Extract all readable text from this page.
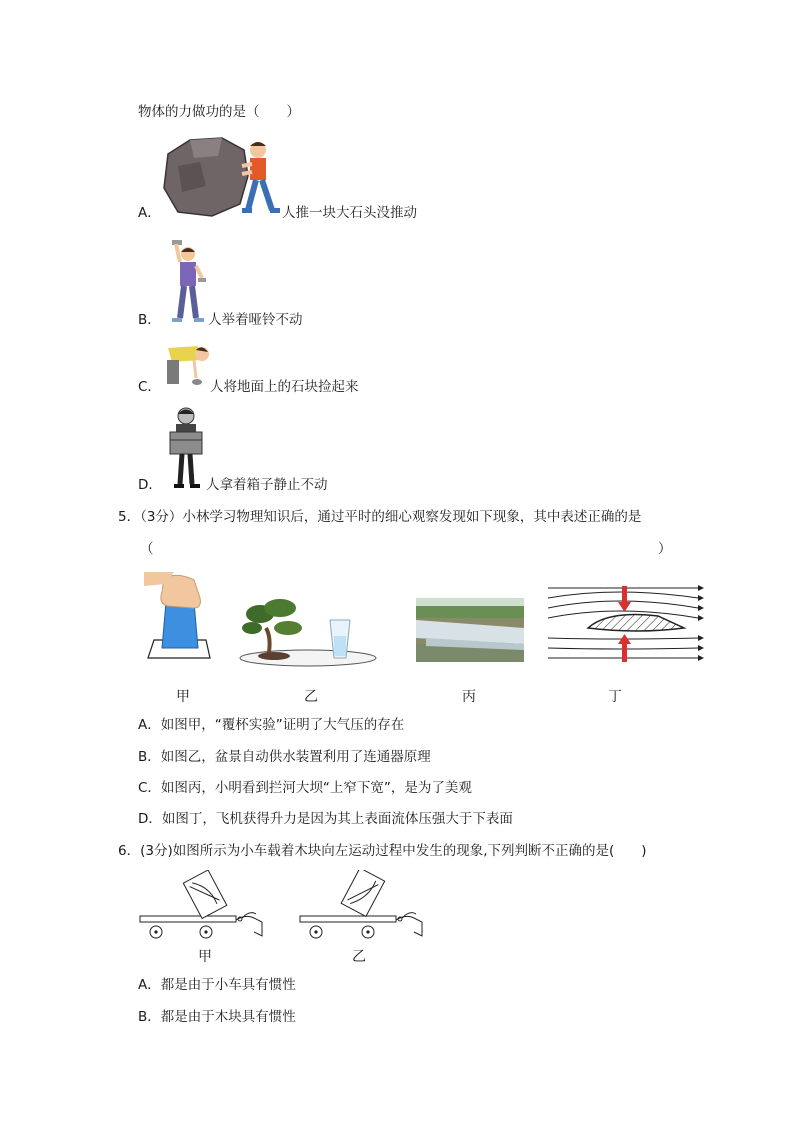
物体的力做功的是（　　）
A．	人推一块大石头没推动
B．	人举着哑铃不动
C．	人将地面上的石块捡起来
D．	人拿着箱子静止不动
5．（3分）小林学习物理知识后，通过平时的细心观察发现如下现象，其中表述正确的是
（	）
甲	乙	丙	丁
A．如图甲，“覆杯实验”证明了大气压的存在
B．如图乙，盆景自动供水装置利用了连通器原理
C．如图丙，小明看到拦河大坝“上窄下宽”，是为了美观
D．如图丁，飞机获得升力是因为其上表面流体压强大于下表面
6．(3分)如图所示为小车载着木块向左运动过程中发生的现象,下列判断不正确的是(　　)
甲	乙
A．都是由于小车具有惯性
B．都是由于木块具有惯性
